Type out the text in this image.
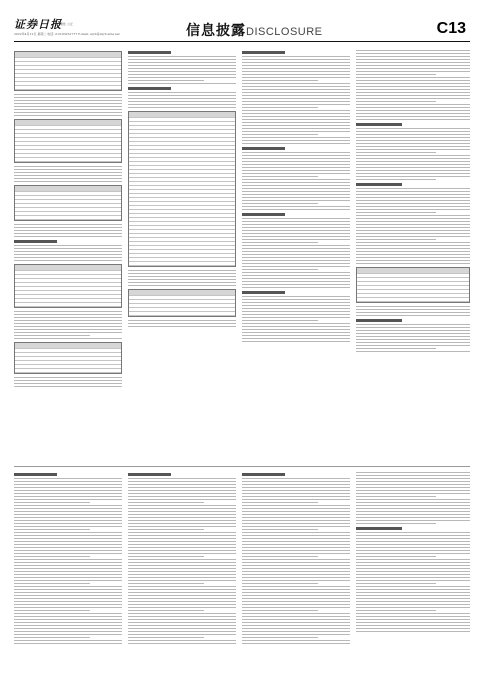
证券日报
理性 公正
2022年4月12日 星期二 电话: 010-83251777 E-mail: zqrb@zqrb.sina.net	信息披露DISCLOSURE	C13
